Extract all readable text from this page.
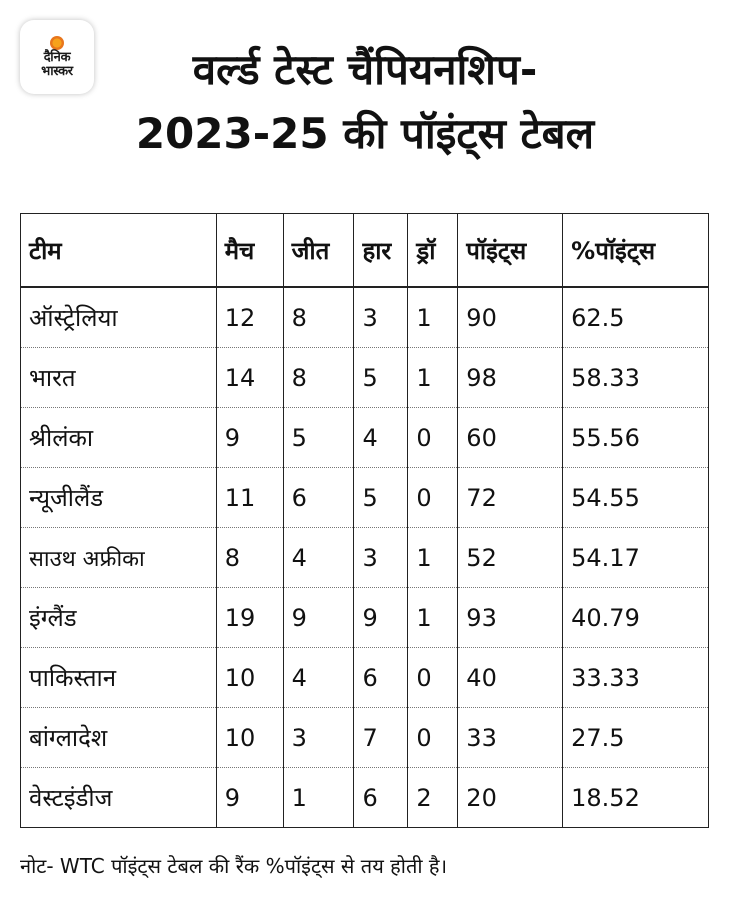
दैनिक
भास्कर	वर्ल्ड टेस्ट चैंपियनशिप-
2023-25 की पॉइंट्स टेबल
टीम	मैच	जीत	हार	ड्रॉ	पॉइंट्स	%पॉइंट्स
ऑस्ट्रेलिया	12	8	3	1	90	62.5
भारत	14	8	5	1	98	58.33
श्रीलंका	9	5	4	0	60	55.56
न्यूजीलैंड	11	6	5	0	72	54.55
साउथ अफ्रीका	8	4	3	1	52	54.17
इंग्लैंड	19	9	9	1	93	40.79
पाकिस्तान	10	4	6	0	40	33.33
बांग्लादेश	10	3	7	0	33	27.5
वेस्टइंडीज	9	1	6	2	20	18.52
नोट- WTC पॉइंट्स टेबल की रैंक %पॉइंट्स से तय होती है।
